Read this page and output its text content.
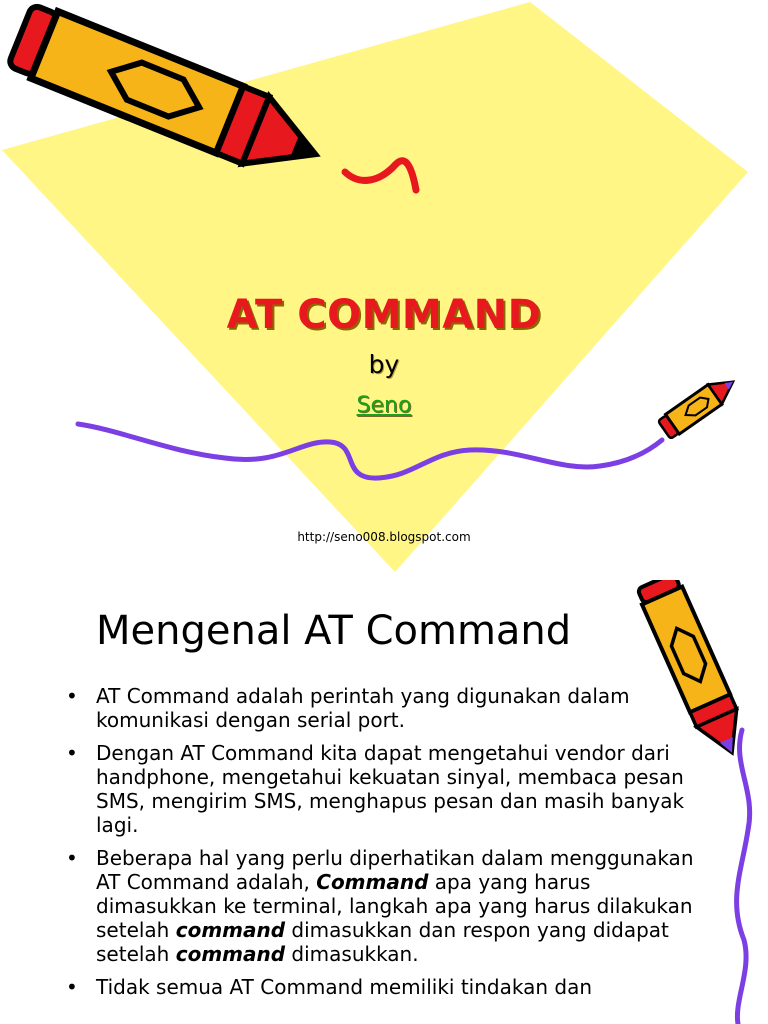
AT COMMAND
by
Seno
http://seno008.blogspot.com
Mengenal AT Command
• AT Command adalah perintah yang digunakan dalam komunikasi dengan serial port.
• Dengan AT Command kita dapat mengetahui vendor dari handphone, mengetahui kekuatan sinyal, membaca pesan SMS, mengirim SMS, menghapus pesan dan masih banyak lagi.
• Beberapa hal yang perlu diperhatikan dalam menggunakan AT Command adalah, Command apa yang harus dimasukkan ke terminal, langkah apa yang harus dilakukan setelah command dimasukkan dan respon yang didapat setelah command dimasukkan.
• Tidak semua AT Command memiliki tindakan dan
